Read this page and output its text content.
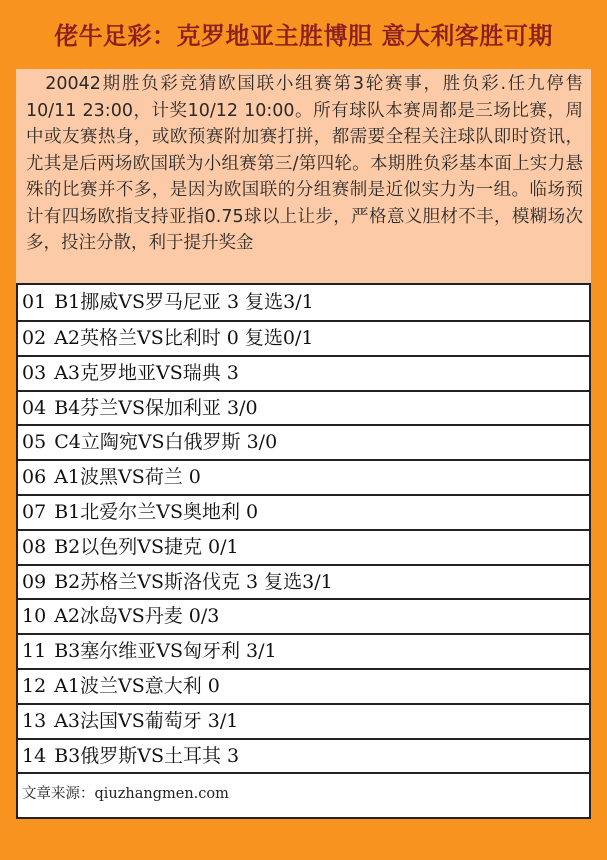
佬牛足彩：克罗地亚主胜博胆 意大利客胜可期

20042期胜负彩竞猜欧国联小组赛第3轮赛事，胜负彩.任九停售10/11 23:00，计奖10/12 10:00。所有球队本赛周都是三场比赛，周中或友赛热身，或欧预赛附加赛打拼，都需要全程关注球队即时资讯，尤其是后两场欧国联为小组赛第三/第四轮。本期胜负彩基本面上实力悬殊的比赛并不多，是因为欧国联的分组赛制是近似实力为一组。临场预计有四场欧指支持亚指0.75球以上让步，严格意义胆材不丰，模糊场次多，投注分散，利于提升奖金

01 B1挪威VS罗马尼亚 3 复选3/1
02 A2英格兰VS比利时 0 复选0/1
03 A3克罗地亚VS瑞典 3
04 B4芬兰VS保加利亚 3/0
05 C4立陶宛VS白俄罗斯 3/0
06 A1波黑VS荷兰 0
07 B1北爱尔兰VS奥地利 0
08 B2以色列VS捷克 0/1
09 B2苏格兰VS斯洛伐克 3 复选3/1
10 A2冰岛VS丹麦 0/3
11 B3塞尔维亚VS匈牙利 3/1
12 A1波兰VS意大利 0
13 A3法国VS葡萄牙 3/1
14 B3俄罗斯VS土耳其 3
文章来源：qiuzhangmen.com
